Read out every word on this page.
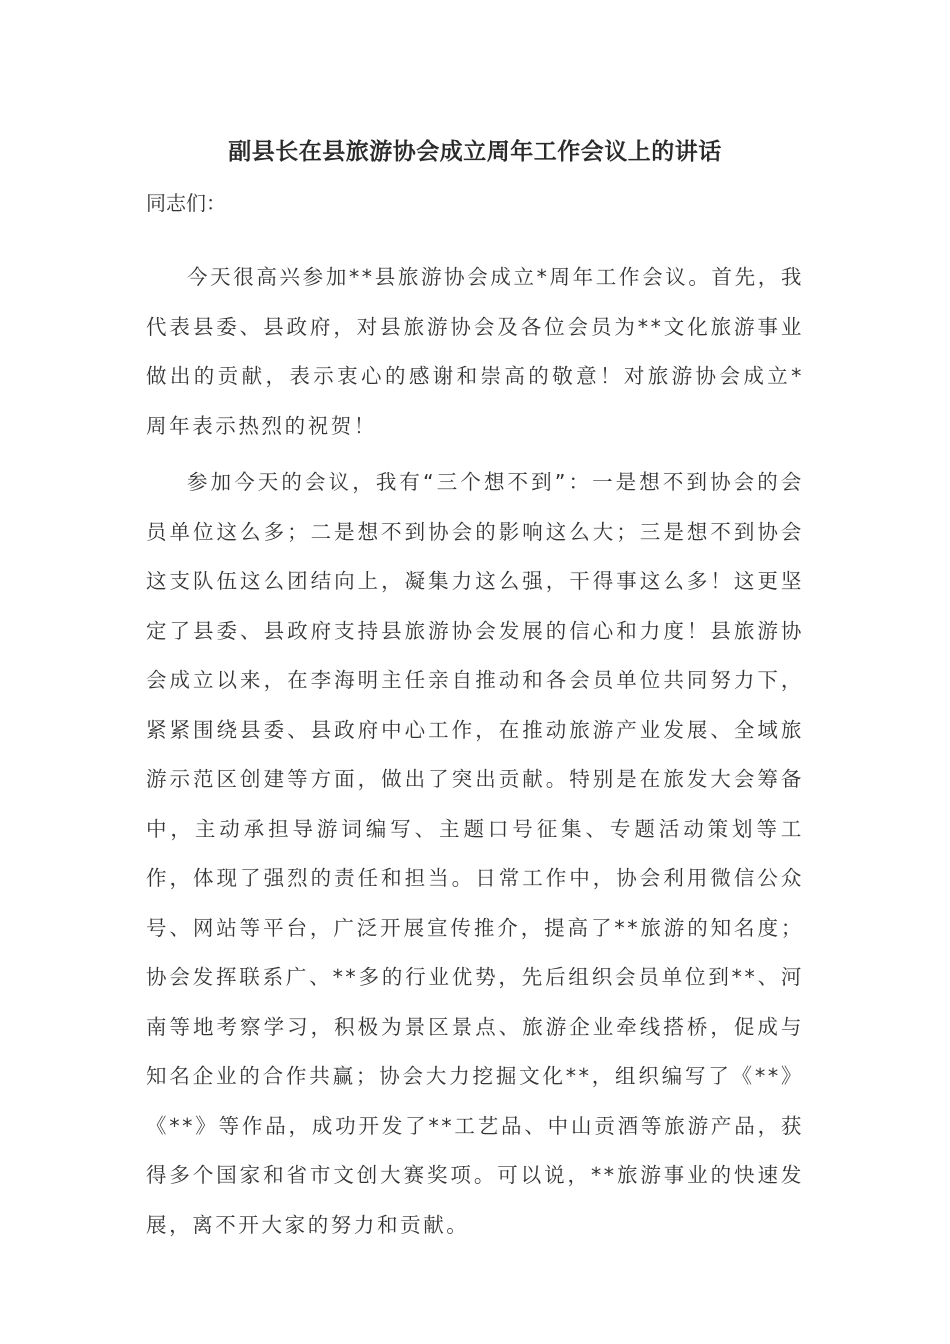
副县长在县旅游协会成立周年工作会议上的讲话

同志们：

今天很高兴参加**县旅游协会成立*周年工作会议。首先，我代表县委、县政府，对县旅游协会及各位会员为**文化旅游事业做出的贡献，表示衷心的感谢和崇高的敬意！对旅游协会成立*周年表示热烈的祝贺！

参加今天的会议，我有“三个想不到”：一是想不到协会的会员单位这么多；二是想不到协会的影响这么大；三是想不到协会这支队伍这么团结向上，凝集力这么强，干得事这么多！这更坚定了县委、县政府支持县旅游协会发展的信心和力度！县旅游协会成立以来，在李海明主任亲自推动和各会员单位共同努力下，紧紧围绕县委、县政府中心工作，在推动旅游产业发展、全域旅游示范区创建等方面，做出了突出贡献。特别是在旅发大会筹备中，主动承担导游词编写、主题口号征集、专题活动策划等工作，体现了强烈的责任和担当。日常工作中，协会利用微信公众号、网站等平台，广泛开展宣传推介，提高了**旅游的知名度；协会发挥联系广、**多的行业优势，先后组织会员单位到**、河南等地考察学习，积极为景区景点、旅游企业牵线搭桥，促成与知名企业的合作共赢；协会大力挖掘文化**，组织编写了《**》《**》等作品，成功开发了**工艺品、中山贡酒等旅游产品，获得多个国家和省市文创大赛奖项。可以说，**旅游事业的快速发展，离不开大家的努力和贡献。
